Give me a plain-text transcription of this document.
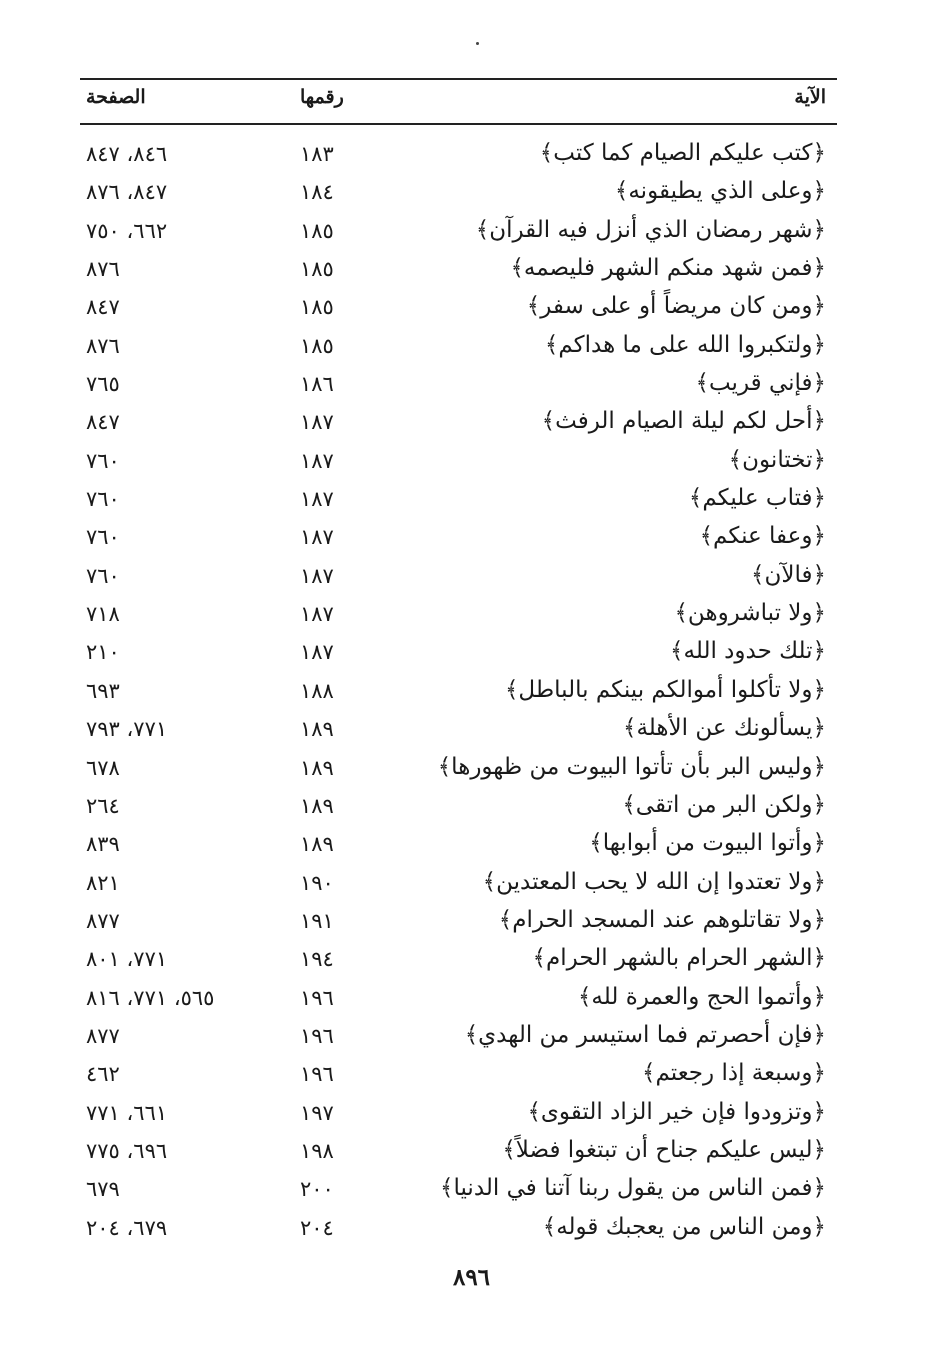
الآية
رقمها
الصفحة
﴿كتب عليكم الصيام كما كتب﴾
١٨٣
٨٤٦، ٨٤٧
﴿وعلى الذي يطيقونه﴾
١٨٤
٨٤٧، ٨٧٦
﴿شهر رمضان الذي أنزل فيه القرآن﴾
١٨٥
٦٦٢، ٧٥٠
﴿فمن شهد منكم الشهر فليصمه﴾
١٨٥
٨٧٦
﴿ومن كان مريضاً أو على سفر﴾
١٨٥
٨٤٧
﴿ولتكبروا الله على ما هداكم﴾
١٨٥
٨٧٦
﴿فإني قريب﴾
١٨٦
٧٦٥
﴿أحل لكم ليلة الصيام الرفث﴾
١٨٧
٨٤٧
﴿تختانون﴾
١٨٧
٧٦٠
﴿فتاب عليكم﴾
١٨٧
٧٦٠
﴿وعفا عنكم﴾
١٨٧
٧٦٠
﴿فالآن﴾
١٨٧
٧٦٠
﴿ولا تباشروهن﴾
١٨٧
٧١٨
﴿تلك حدود الله﴾
١٨٧
٢١٠
﴿ولا تأكلوا أموالكم بينكم بالباطل﴾
١٨٨
٦٩٣
﴿يسألونك عن الأهلة﴾
١٨٩
٧٧١، ٧٩٣
﴿وليس البر بأن تأتوا البيوت من ظهورها﴾
١٨٩
٦٧٨
﴿ولكن البر من اتقى﴾
١٨٩
٢٦٤
﴿وأتوا البيوت من أبوابها﴾
١٨٩
٨٣٩
﴿ولا تعتدوا إن الله لا يحب المعتدين﴾
١٩٠
٨٢١
﴿ولا تقاتلوهم عند المسجد الحرام﴾
١٩١
٨٧٧
﴿الشهر الحرام بالشهر الحرام﴾
١٩٤
٧٧١، ٨٠١
﴿وأتموا الحج والعمرة لله﴾
١٩٦
٥٦٥، ٧٧١، ٨١٦
﴿فإن أحصرتم فما استيسر من الهدي﴾
١٩٦
٨٧٧
﴿وسبعة إذا رجعتم﴾
١٩٦
٤٦٢
﴿وتزودوا فإن خير الزاد التقوى﴾
١٩٧
٦٦١، ٧٧١
﴿ليس عليكم جناح أن تبتغوا فضلاً﴾
١٩٨
٦٩٦، ٧٧٥
﴿فمن الناس من يقول ربنا آتنا في الدنيا﴾
٢٠٠
٦٧٩
﴿ومن الناس من يعجبك قوله﴾
٢٠٤
٦٧٩، ٢٠٤
٨٩٦
